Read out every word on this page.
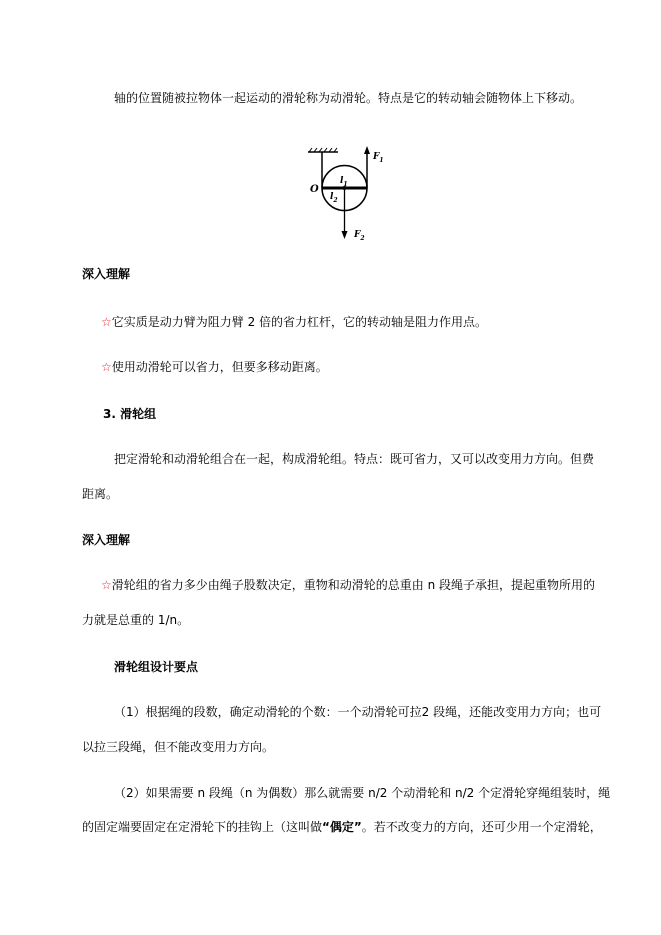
轴的位置随被拉物体一起运动的滑轮称为动滑轮。特点是它的转动轴会随物体上下移动。
$F_1$
O
$l_1$
$l_2$
$F_2$
深入理解
☆它实质是动力臂为阻力臂 2 倍的省力杠杆，它的转动轴是阻力作用点。
☆使用动滑轮可以省力，但要多移动距离。
3. 滑轮组
把定滑轮和动滑轮组合在一起，构成滑轮组。特点：既可省力，又可以改变用力方向。但费
距离。
深入理解
☆滑轮组的省力多少由绳子股数决定，重物和动滑轮的总重由 n 段绳子承担，提起重物所用的
力就是总重的 1/n。
滑轮组设计要点
（1）根据绳的段数，确定动滑轮的个数：一个动滑轮可拉2 段绳，还能改变用力方向；也可
以拉三段绳，但不能改变用力方向。
（2）如果需要 n 段绳（n 为偶数）那么就需要 n/2 个动滑轮和 n/2 个定滑轮穿绳组装时，绳
的固定端要固定在定滑轮下的挂钩上（这叫做“偶定”。若不改变力的方向，还可少用一个定滑轮，
